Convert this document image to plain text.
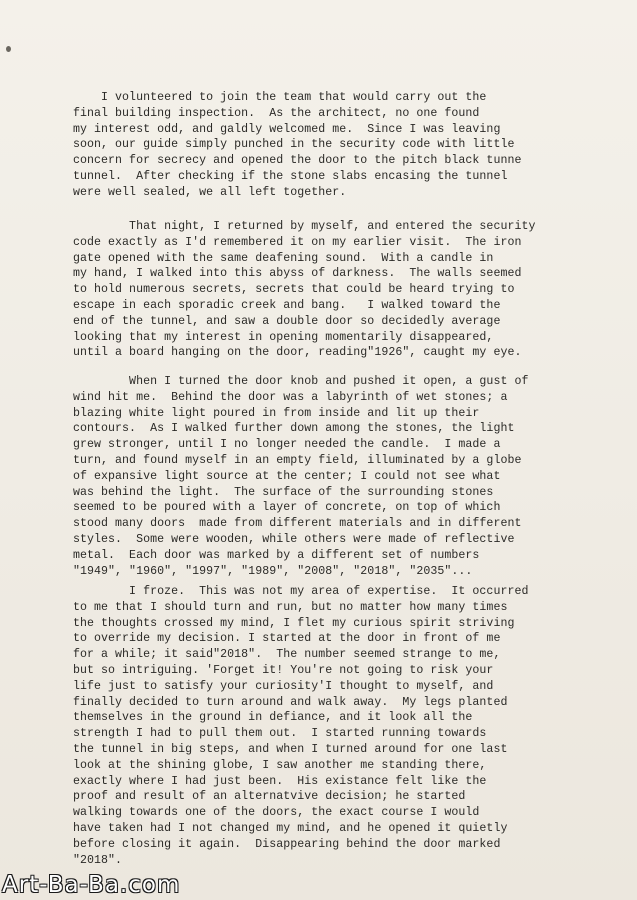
I volunteered to join the team that would carry out the
final building inspection.  As the architect, no one found
my interest odd, and galdly welcomed me.  Since I was leaving
soon, our guide simply punched in the security code with little
concern for secrecy and opened the door to the pitch black tunne
tunnel.  After checking if the stone slabs encasing the tunnel
were well sealed, we all left together.
That night, I returned by myself, and entered the security
code exactly as I'd remembered it on my earlier visit.  The iron
gate opened with the same deafening sound.  With a candle in
my hand, I walked into this abyss of darkness.  The walls seemed
to hold numerous secrets, secrets that could be heard trying to
escape in each sporadic creek and bang.   I walked toward the
end of the tunnel, and saw a double door so decidedly average
looking that my interest in opening momentarily disappeared,
until a board hanging on the door, reading"1926", caught my eye.
When I turned the door knob and pushed it open, a gust of
wind hit me.  Behind the door was a labyrinth of wet stones; a
blazing white light poured in from inside and lit up their
contours.  As I walked further down among the stones, the light
grew stronger, until I no longer needed the candle.  I made a
turn, and found myself in an empty field, illuminated by a globe
of expansive light source at the center; I could not see what
was behind the light.  The surface of the surrounding stones
seemed to be poured with a layer of concrete, on top of which
stood many doors  made from different materials and in different
styles.  Some were wooden, while others were made of reflective
metal.  Each door was marked by a different set of numbers
"1949", "1960", "1997", "1989", "2008", "2018", "2035"...
I froze.  This was not my area of expertise.  It occurred
to me that I should turn and run, but no matter how many times
the thoughts crossed my mind, I flet my curious spirit striving
to override my decision. I started at the door in front of me
for a while; it said"2018".  The number seemed strange to me,
but so intriguing. 'Forget it! You're not going to risk your
life just to satisfy your curiosity'I thought to myself, and
finally decided to turn around and walk away.  My legs planted
themselves in the ground in defiance, and it look all the
strength I had to pull them out.  I started running towards
the tunnel in big steps, and when I turned around for one last
look at the shining globe, I saw another me standing there,
exactly where I had just been.  His existance felt like the
proof and result of an alternatvive decision; he started
walking towards one of the doors, the exact course I would
have taken had I not changed my mind, and he opened it quietly
before closing it again.  Disappearing behind the door marked
"2018".
Art-Ba-Ba.com
